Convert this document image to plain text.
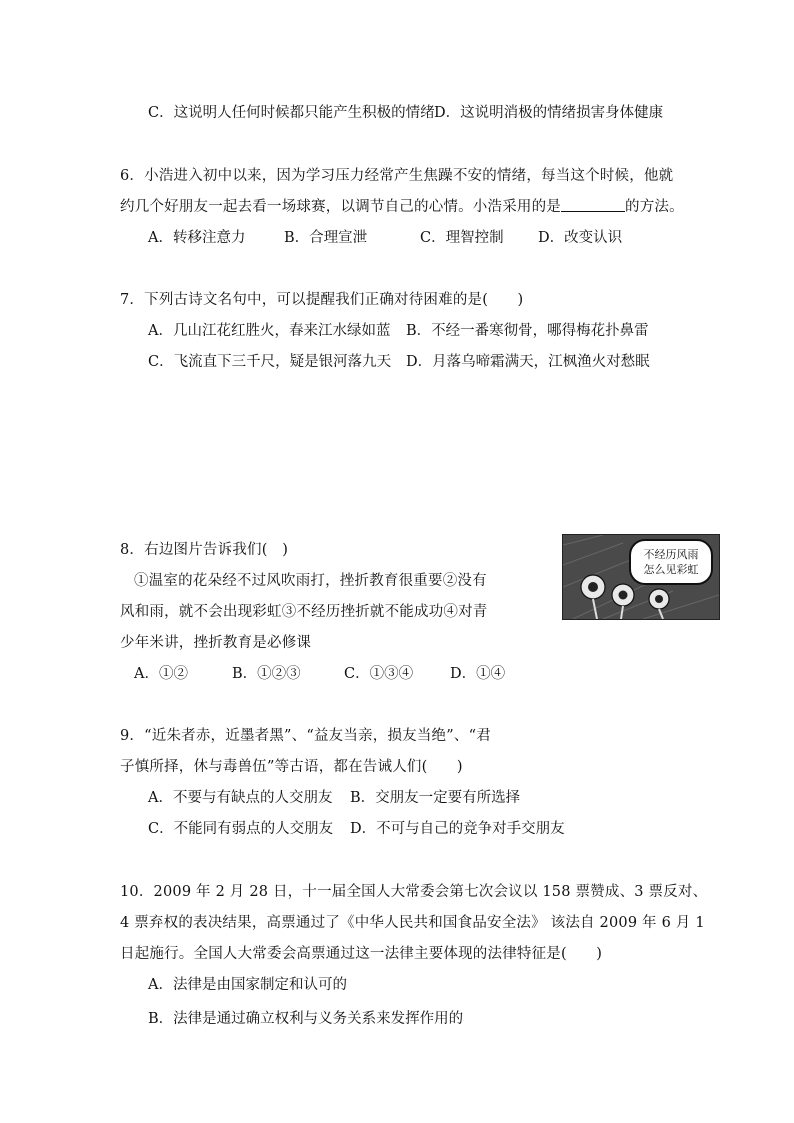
C．这说明人任何时候都只能产生积极的情绪 D．这说明消极的情绪损害身体健康
6．小浩进入初中以来，因为学习压力经常产生焦躁不安的情绪，每当这个时候，他就
约几个好朋友一起去看一场球赛，以调节自己的心情。小浩采用的是	的方法。
A．转移注意力	B．合理宣泄	C．理智控制 D．改变认识
7．下列古诗文名句中，可以提醒我们正确对待困难的是(　　)
A．几山江花红胜火，春来江水绿如蓝 B．不经一番寒彻骨，哪得梅花扑鼻雷
C．飞流直下三千尺，疑是银河落九天 D．月落乌啼霜满天，江枫渔火对愁眠
8．右边图片告诉我们(　)
①温室的花朵经不过风吹雨打，挫折教育很重要②没有
风和雨，就不会出现彩虹③不经历挫折就不能成功④对青
少年米讲，挫折教育是必修课
A．①②	B．①②③	C．①③④	D．①④
不经历风雨
怎么见彩虹
9．“近朱者赤，近墨者黑”、“益友当亲，损友当绝”、“君
子慎所择，休与毒兽伍”等古语，都在告诫人们(　　)
A．不要与有缺点的人交朋友 B．交朋友一定要有所选择
C．不能同有弱点的人交朋友 D．不可与自己的竞争对手交朋友
10．2009 年 2 月 28 日，十一届全国人大常委会第七次会议以 158 票赞成、3 票反对、
4 票弃权的表决结果，高票通过了《中华人民共和国食品安全法》 该法自 2009 年 6 月 1
日起施行。全国人大常委会高票通过这一法律主要体现的法律特征是(　　)
A．法律是由国家制定和认可的
B．法律是通过确立权利与义务关系来发挥作用的
